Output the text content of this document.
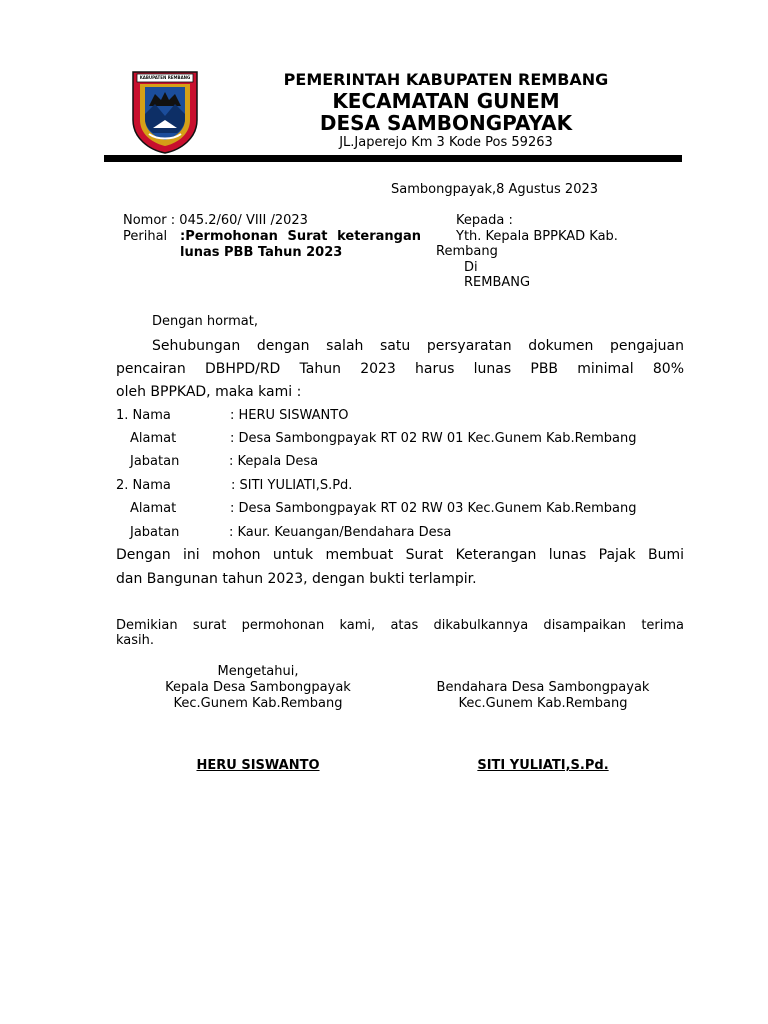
KABUPATEN REMBANG	PEMERINTAH KABUPATEN REMBANG
KECAMATAN GUNEM
DESA SAMBONGPAYAK
JL.Japerejo Km 3 Kode Pos 59263
Sambongpayak,8 Agustus 2023
Nomor : 045.2/60/ VIII /2023
Perihal :Permohonan Surat keterangan
lunas PBB Tahun 2023
Kepada :
Yth. Kepala BPPKAD Kab.
Rembang
Di
REMBANG
Dengan hormat,
Sehubungan dengan salah satu persyaratan dokumen pengajuan
pencairan DBHPD/RD Tahun 2023 harus lunas PBB minimal 80%
oleh BPPKAD, maka kami :
1. Nama	: HERU SISWANTO
Alamat	: Desa Sambongpayak RT 02 RW 01 Kec.Gunem Kab.Rembang
Jabatan	: Kepala Desa
2. Nama	: SITI YULIATI,S.Pd.
Alamat	: Desa Sambongpayak RT 02 RW 03 Kec.Gunem Kab.Rembang
Jabatan	: Kaur. Keuangan/Bendahara Desa
Dengan ini mohon untuk membuat Surat Keterangan lunas Pajak Bumi
dan Bangunan tahun 2023, dengan bukti terlampir.
Demikian surat permohonan kami, atas dikabulkannya disampaikan terima
kasih.
Mengetahui,
Kepala Desa Sambongpayak
Kec.Gunem Kab.Rembang
HERU SISWANTO
Bendahara Desa Sambongpayak
Kec.Gunem Kab.Rembang
SITI YULIATI,S.Pd.
